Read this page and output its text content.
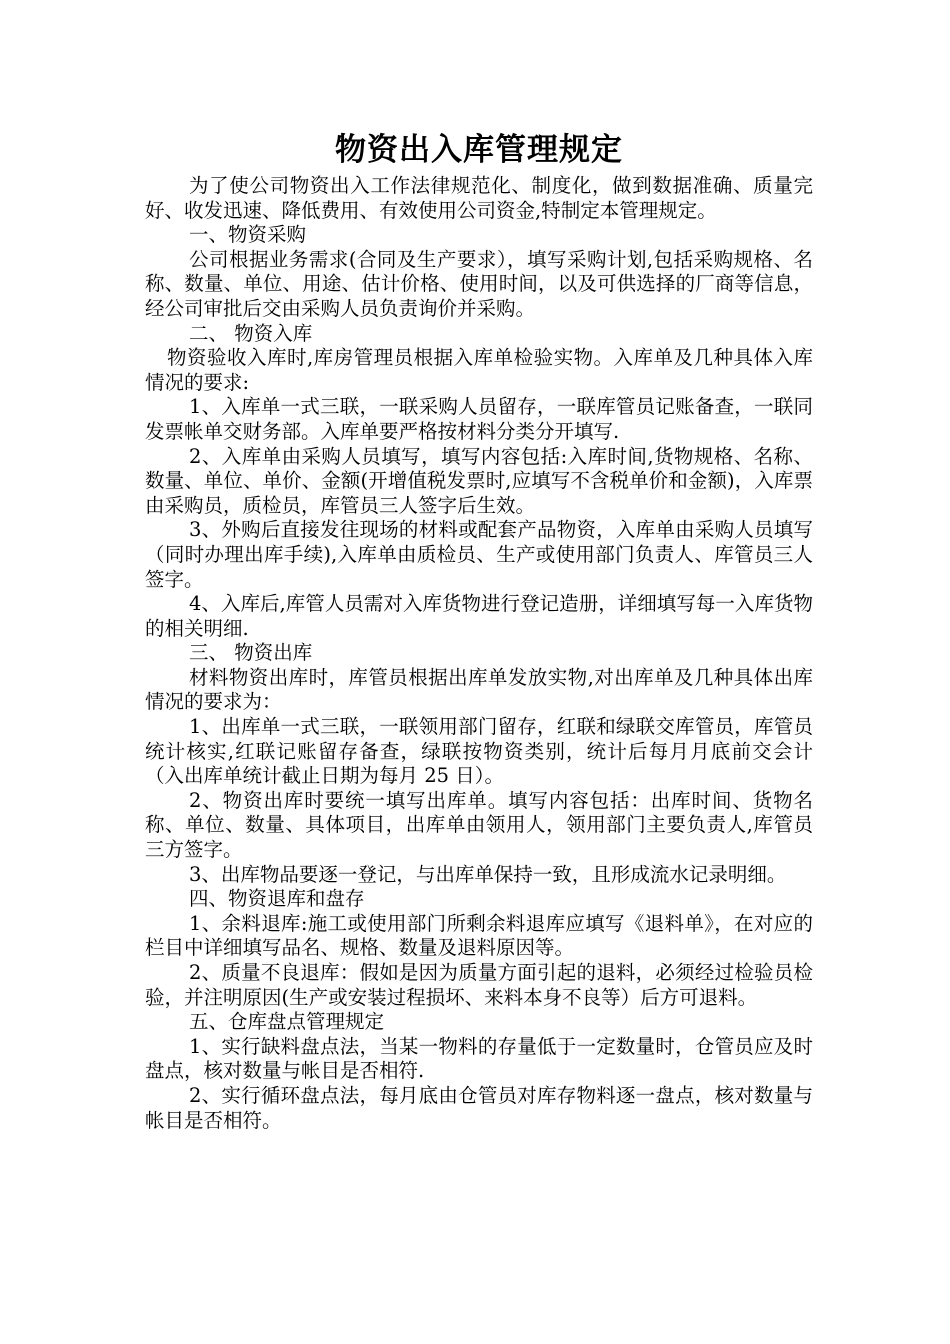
物资出入库管理规定

为了使公司物资出入工作法律规范化、制度化，做到数据准确、质量完好、收发迅速、降低费用、有效使用公司资金,特制定本管理规定。

一、物资采购

公司根据业务需求(合同及生产要求），填写采购计划,包括采购规格、名称、数量、单位、用途、估计价格、使用时间，以及可供选择的厂商等信息，经公司审批后交由采购人员负责询价并采购。

二、 物资入库

物资验收入库时,库房管理员根据入库单检验实物。入库单及几种具体入库情况的要求:

1、入库单一式三联，一联采购人员留存，一联库管员记账备查，一联同发票帐单交财务部。入库单要严格按材料分类分开填写.

2、入库单由采购人员填写，填写内容包括:入库时间,货物规格、名称、数量、单位、单价、金额(开增值税发票时,应填写不含税单价和金额)，入库票由采购员，质检员，库管员三人签字后生效。

3、外购后直接发往现场的材料或配套产品物资，入库单由采购人员填写（同时办理出库手续),入库单由质检员、生产或使用部门负责人、库管员三人签字。

4、入库后,库管人员需对入库货物进行登记造册，详细填写每一入库货物的相关明细.

三、 物资出库

材料物资出库时，库管员根据出库单发放实物,对出库单及几种具体出库情况的要求为：

1、出库单一式三联，一联领用部门留存，红联和绿联交库管员，库管员统计核实,红联记账留存备查，绿联按物资类别，统计后每月月底前交会计（入出库单统计截止日期为每月 25 日）。

2、物资出库时要统一填写出库单。填写内容包括：出库时间、货物名称、单位、数量、具体项目，出库单由领用人，领用部门主要负责人,库管员三方签字。

3、出库物品要逐一登记，与出库单保持一致，且形成流水记录明细。

四、物资退库和盘存

1、余料退库:施工或使用部门所剩余料退库应填写《退料单》，在对应的栏目中详细填写品名、规格、数量及退料原因等。

2、质量不良退库：假如是因为质量方面引起的退料，必须经过检验员检验，并注明原因(生产或安装过程损坏、来料本身不良等）后方可退料。

五、仓库盘点管理规定

1、实行缺料盘点法，当某一物料的存量低于一定数量时，仓管员应及时盘点，核对数量与帐目是否相符.

2、实行循环盘点法，每月底由仓管员对库存物料逐一盘点，核对数量与帐目是否相符。
